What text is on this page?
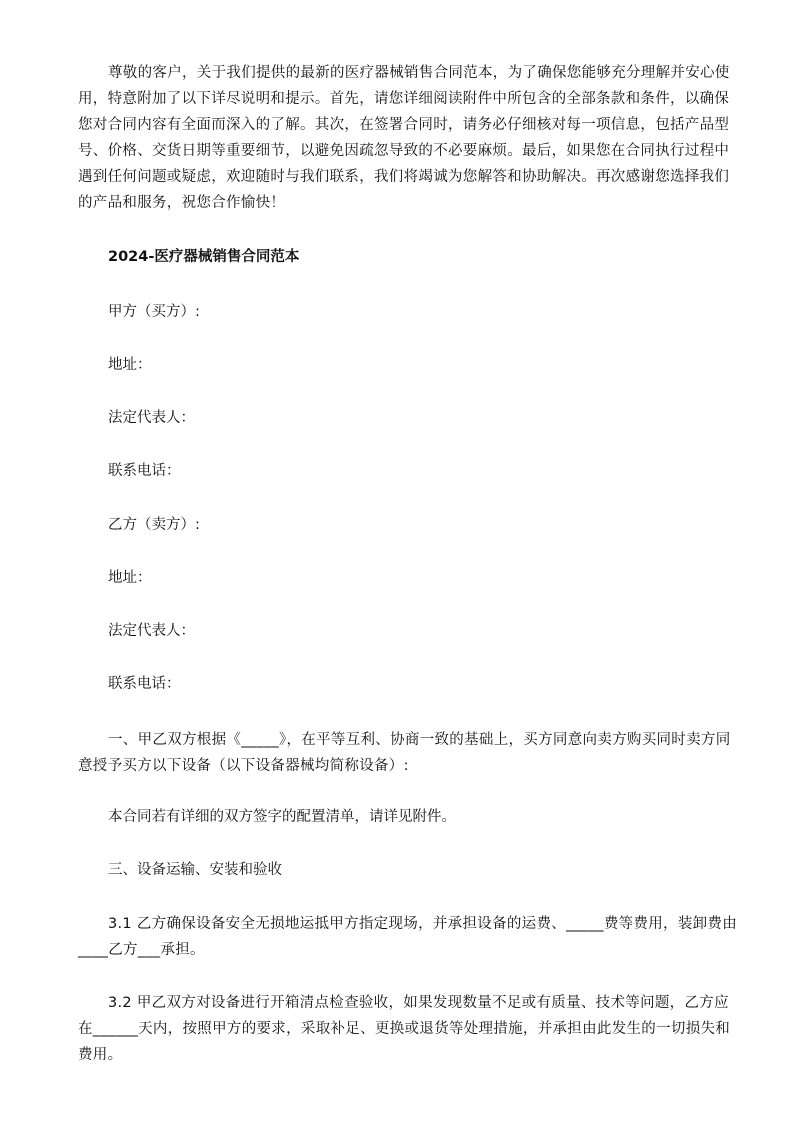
尊敬的客户，关于我们提供的最新的医疗器械销售合同范本，为了确保您能够充分理解并安心使用，特意附加了以下详尽说明和提示。首先，请您详细阅读附件中所包含的全部条款和条件，以确保您对合同内容有全面而深入的了解。其次，在签署合同时，请务必仔细核对每一项信息，包括产品型号、价格、交货日期等重要细节，以避免因疏忽导致的不必要麻烦。最后，如果您在合同执行过程中遇到任何问题或疑虑，欢迎随时与我们联系，我们将竭诚为您解答和协助解决。再次感谢您选择我们的产品和服务，祝您合作愉快！

2024-医疗器械销售合同范本

甲方（买方）:

地址：

法定代表人：

联系电话：

乙方（卖方）:

地址：

法定代表人：

联系电话：

一、甲乙双方根据《_____》，在平等互利、协商一致的基础上，买方同意向卖方购买同时卖方同意授予买方以下设备（以下设备器械均简称设备）:

本合同若有详细的双方签字的配置清单，请详见附件。

三、设备运输、安装和验收

3.1 乙方确保设备安全无损地运抵甲方指定现场，并承担设备的运费、_____费等费用，装卸费由____乙方___承担。

3.2 甲乙双方对设备进行开箱清点检查验收，如果发现数量不足或有质量、技术等问题，乙方应在______天内，按照甲方的要求，采取补足、更换或退货等处理措施，并承担由此发生的一切损失和费用。
